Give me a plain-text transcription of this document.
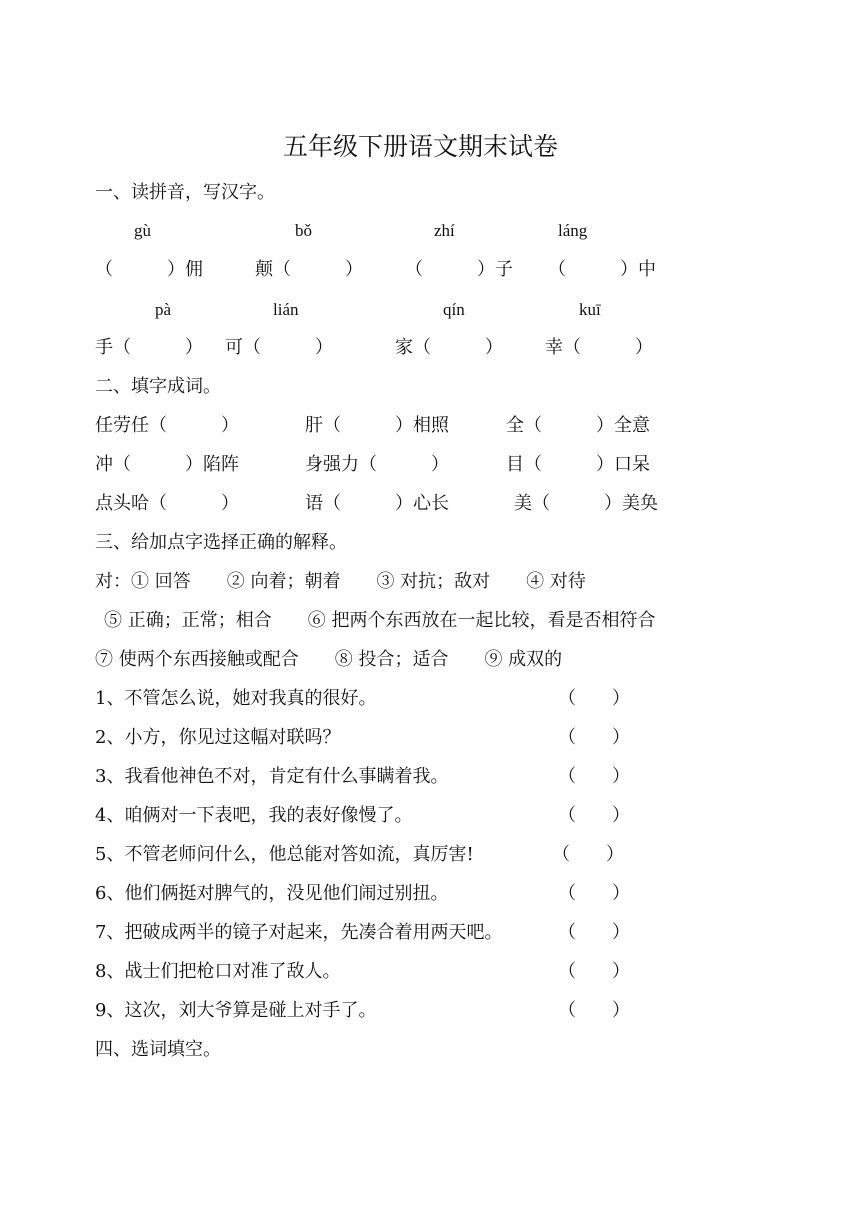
五年级下册语文期末试卷
一、读拼音，写汉字。
gù	bǒ	zhí	láng
（　　　）佣	颠（　　　） （　　　）子 （　　　）中
pà	lián	qín	kuī
手（　　　） 可（　　　）	家（　　　） 幸（　　　）
二、填字成词。
任劳任（　　　）	肝（　　　）相照	全（　　　）全意
冲（　　　）陷阵	身强力（　　　）	目（　　　）口呆
点头哈（　　　）	语（　　　）心长	美（　　　）美奂
三、给加点字选择正确的解释。
对：① 回答　　② 向着；朝着　　③ 对抗；敌对　　④ 对待
⑤ 正确；正常；相合　　⑥ 把两个东西放在一起比较，看是否相符合
⑦ 使两个东西接触或配合　　⑧ 投合；适合　　⑨ 成双的
1、不管怎么说，她对我真的很好。	（　　）
2、小方，你见过这幅对联吗？	（　　）
3、我看他神色不对，肯定有什么事瞒着我。	（　　）
4、咱俩对一下表吧，我的表好像慢了。	（　　）
5、不管老师问什么，他总能对答如流，真厉害!	（　　）
6、他们俩挺对脾气的，没见他们闹过别扭。	（　　）
7、把破成两半的镜子对起来，先凑合着用两天吧。	（　　）
8、战士们把枪口对准了敌人。	（　　）
9、这次，刘大爷算是碰上对手了。	（　　）
四、选词填空。
